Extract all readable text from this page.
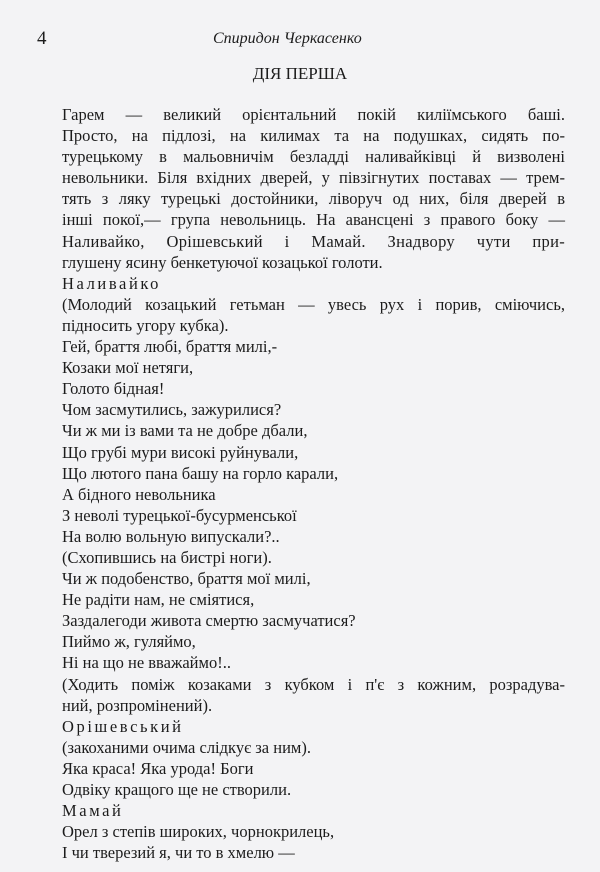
4	Спиридон Черкасенко
ДІЯ ПЕРША
Гарем — великий орієнтальний покій киліїмського баші.
Просто, на підлозі, на килимах та на подушках, сидять по-
турецькому в мальовничім безладді наливайківці й визволені
невольники. Біля вхідних дверей, у півзігнутих поставах — трем-
тять з ляку турецькі достойники, ліворуч од них, біля дверей в
інші покої,— група невольниць. На авансцені з правого боку —
Наливайко, Орішевський і Мамай. Знадвору чути при-
глушену ясину бенкетуючої козацької голоти.
Наливайко
(Молодий козацький гетьман — увесь рух і порив, сміючись,
підносить угору кубка).
Гей, браття любі, браття милі,-
Козаки мої нетяги,
Голото бідная!
Чом засмутились, зажурилися?
Чи ж ми із вами та не добре дбали,
Що грубі мури високі руйнували,
Що лютого пана башу на горло карали,
А бідного невольника
З неволі турецької-бусурменської
На волю вольную випускали?..
(Схопившись на бистрі ноги).
Чи ж подобенство, браття мої милі,
Не радіти нам, не сміятися,
Заздалегоди живота смертю засмучатися?
Пиймо ж, гуляймо,
Ні на що не вважаймо!..
(Ходить поміж козаками з кубком і п'є з кожним, розрадува-
ний, розпромінений).
Орішевський
(закоханими очима слідкує за ним).
Яка краса! Яка урода! Боги
Одвіку кращого ще не створили.
Мамай
Орел з степів широких, чорнокрилець,
І чи тверезий я, чи то в хмелю —
